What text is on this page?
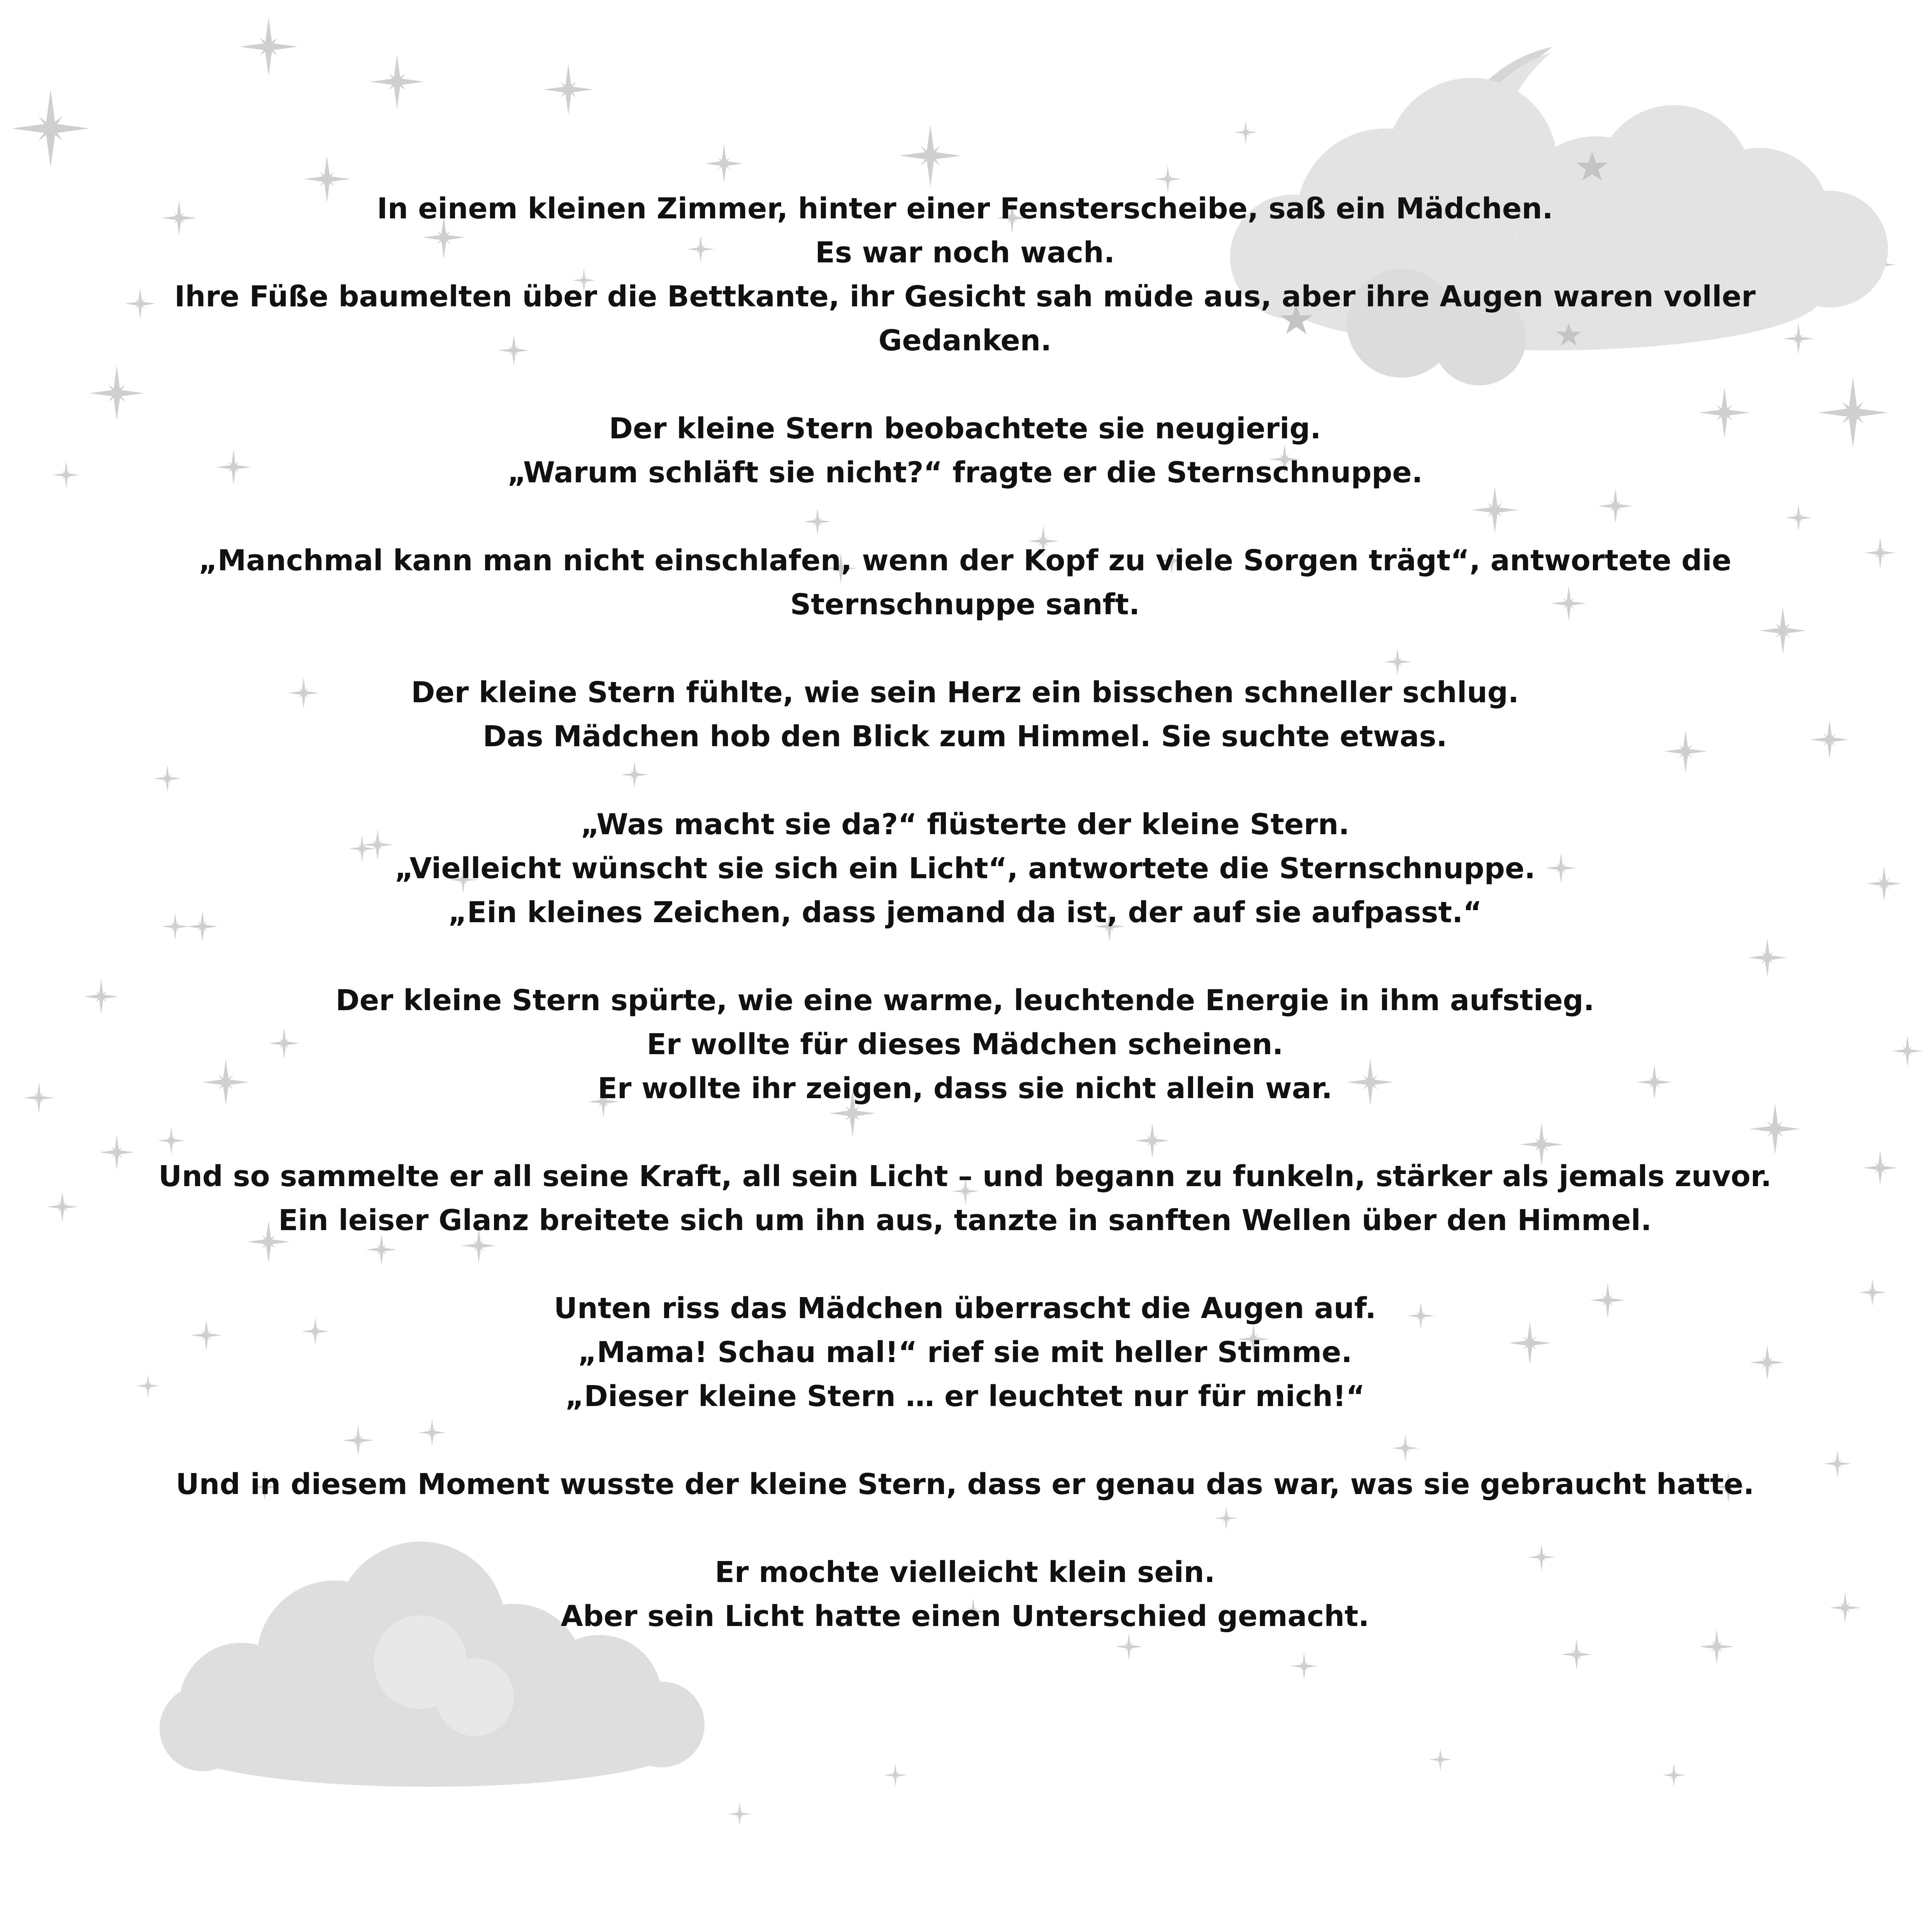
In einem kleinen Zimmer, hinter einer Fensterscheibe, saß ein Mädchen.
Es war noch wach.
Ihre Füße baumelten über die Bettkante, ihr Gesicht sah müde aus, aber ihre Augen waren voller
Gedanken.
Der kleine Stern beobachtete sie neugierig.
„Warum schläft sie nicht?“ fragte er die Sternschnuppe.
„Manchmal kann man nicht einschlafen, wenn der Kopf zu viele Sorgen trägt“, antwortete die
Sternschnuppe sanft.
Der kleine Stern fühlte, wie sein Herz ein bisschen schneller schlug.
Das Mädchen hob den Blick zum Himmel. Sie suchte etwas.
„Was macht sie da?“ flüsterte der kleine Stern.
„Vielleicht wünscht sie sich ein Licht“, antwortete die Sternschnuppe.
„Ein kleines Zeichen, dass jemand da ist, der auf sie aufpasst.“
Der kleine Stern spürte, wie eine warme, leuchtende Energie in ihm aufstieg.
Er wollte für dieses Mädchen scheinen.
Er wollte ihr zeigen, dass sie nicht allein war.
Und so sammelte er all seine Kraft, all sein Licht – und begann zu funkeln, stärker als jemals zuvor.
Ein leiser Glanz breitete sich um ihn aus, tanzte in sanften Wellen über den Himmel.
Unten riss das Mädchen überrascht die Augen auf.
„Mama! Schau mal!“ rief sie mit heller Stimme.
„Dieser kleine Stern … er leuchtet nur für mich!“
Und in diesem Moment wusste der kleine Stern, dass er genau das war, was sie gebraucht hatte.
Er mochte vielleicht klein sein.
Aber sein Licht hatte einen Unterschied gemacht.
